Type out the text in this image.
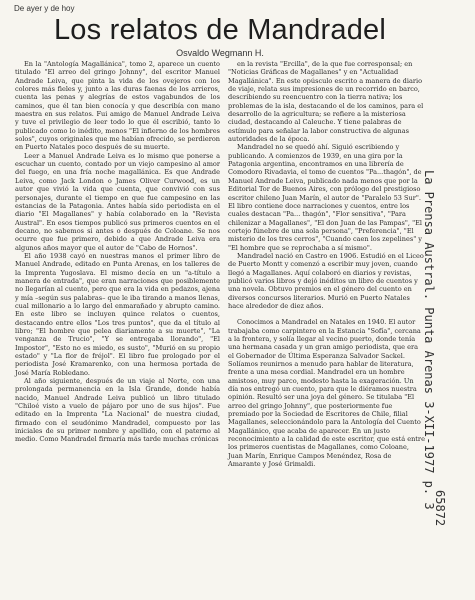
De ayer y de hoy
Los relatos de Mandradel
Osvaldo Wegmann H.

En la "Antología Magallánica", tomo 2, aparece un cuento titulado "El arreo del gringo Johnny", del escritor Manuel Andrade Leiva, que pinta la vida de los ovejeros con los colores más fieles y, junto a las duras faenas de los arrieros, cuenta las penas y alegrías de estos vagabundos de los caminos, que él tan bien conocía y que describía con mano maestra en sus relatos. Fui amigo de Manuel Andrade Leiva y tuve el privilegio de leer todo lo que él escribió, tanto lo publicado como lo inédito, menos "El infierno de los hombres solos", cuyos originales que me habían ofrecido, se perdieron en Puerto Natales poco después de su muerte.

Leer a Manuel Andrade Leiva es lo mismo que ponerse a escuchar un cuento, contado por un viejo campesino al amor del fuego, en una fría noche magallánica. Es que Andrade Leiva, como Jack London o James Oliver Curwood, es un autor que vivió la vida que cuenta, que convivió con sus personajes, durante el tiempo en que fue campesino en las estancias de la Patagonia. Antes había sido periodista en el diario "El Magallanes" y había colaborado en la "Revista Austral". En esos tiempos publicó sus primeros cuentos en el decano, no sabemos si antes o después de Coloane. Se nos ocurre que fue primero, debido a que Andrade Leiva era algunos años mayor que el autor de "Cabo de Hornos".

El año 1938 cayó en nuestras manos el primer libro de Manuel Andrade, editado en Punta Arenas, en los talleres de la Imprenta Yugoslava. El mismo decía en un "a-título a manera de entrada", que eran narraciones que posiblemente no llegarían al cuento, pero que era la vida en pedazos, ajena y mía –según sus palabras– que le iba tirando a manos llenas, cual millonario a lo largo del enmarañado y abrupto camino. En este libro se incluyen quince relatos o cuentos, destacando entre ellos "Los tres puntos", que da el título al libro; "El hombre que pelea diariamente a su muerte", "La venganza de Trucio", "Y se entregaba llorando", "El Impostor", "Esto no es miedo, es susto", "Murió en su propio estado" y "La flor de fréjol". El libro fue prologado por el periodista José Kramarenko, con una hermosa portada de José María Robledano.

Al año siguiente, después de un viaje al Norte, con una prolongada permanencia en la Isla Grande, donde había nacido, Manuel Andrade Leiva publicó un libro titulado "Chiloé visto a vuelo de pájaro por uno de sus hijos". Fue editado en la Imprenta "La Nacional" de nuestra ciudad, firmado con el seudónimo Mandradel, compuesto por las iniciales de su primer nombre y apellido, con el paterno al medio. Como Mandradel firmaría más tarde muchas crónicas

en la revista "Ercilla", de la que fue corresponsal; en "Noticias Gráficas de Magallanes" y en "Actualidad Magallánica". En este opúsculo escrito a manera de diario de viaje, relata sus impresiones de un recorrido en barco, describiendo su reencuentro con la tierra nativa; los problemas de la isla, destacando el de los caminos, para el desarrollo de la agricultura; se refiere a la misteriosa ciudad, destacando al Caleuche. Y tiene palabras de estímulo para señalar la labor constructiva de algunas autoridades de la época.

Mandradel no se quedó ahí. Siguió escribiendo y publicando. A comienzos de 1939, en una gira por la Patagonia argentina, encontramos en una librería de Comodoro Rivadavia, el tomo de cuentos "Pa...thagón", de Manuel Andrade Leiva, publicado nada menos que por la Editorial Tor de Buenos Aires, con prólogo del prestigioso escritor chileno Juan Marín, el autor de "Paralelo 53 Sur". El libro contiene doce narraciones y cuentos, entre los cuales destacan "Pa... thagón", "Flor sensitiva", "Para chilenizar a Magallanes", "El don Juan de las Pampas", "El cortejo fúnebre de una sola persona", "Preferencia", "El misterio de los tres cerros", "Cuando caen los zepelines" y "El hombre que se reprochaba a sí mismo".

Mandradel nació en Castro en 1906. Estudió en el Liceo de Puerto Montt y comenzó a escribir muy joven, cuando llegó a Magallanes. Aquí colaboró en diarios y revistas, publicó varios libros y dejó inéditos un libro de cuentos y una novela. Obtuvo premios en el género del cuento en diversos concursos literarios. Murió en Puerto Natales hace alrededor de diez años.

Conocimos a Mandradel en Natales en 1940. El autor trabajaba como carpintero en la Estancia "Sofía", cercana a la frontera, y solía llegar al vecino puerto, donde tenía una hermana casada y un gran amigo periodista, que era el Gobernador de Última Esperanza Salvador Sackel. Solíamos reunirnos a menudo para hablar de literatura, frente a una mesa cordial. Mandradel era un hombre amistoso, muy parco, modesto hasta la exageración. Un día nos entregó un cuento, para que le diéramos nuestra opinión. Resultó ser una joya del género. Se titulaba "El arreo del gringo Johnny", que posteriormente fue premiado por la Sociedad de Escritores de Chile, filial Magallanes, seleccionándolo para la Antología del Cuento Magallánico, que acaba de aparecer. En un justo reconocimiento a la calidad de este escritor, que está entre los primeros cuentistas de Magallanes, como Coloane, Juan Marín, Enrique Campos Menéndez, Rosa de Amarante y José Grimaldi.	La Prensa Austral. Punta Arenas 3-XII-1977 p. 3
65872
